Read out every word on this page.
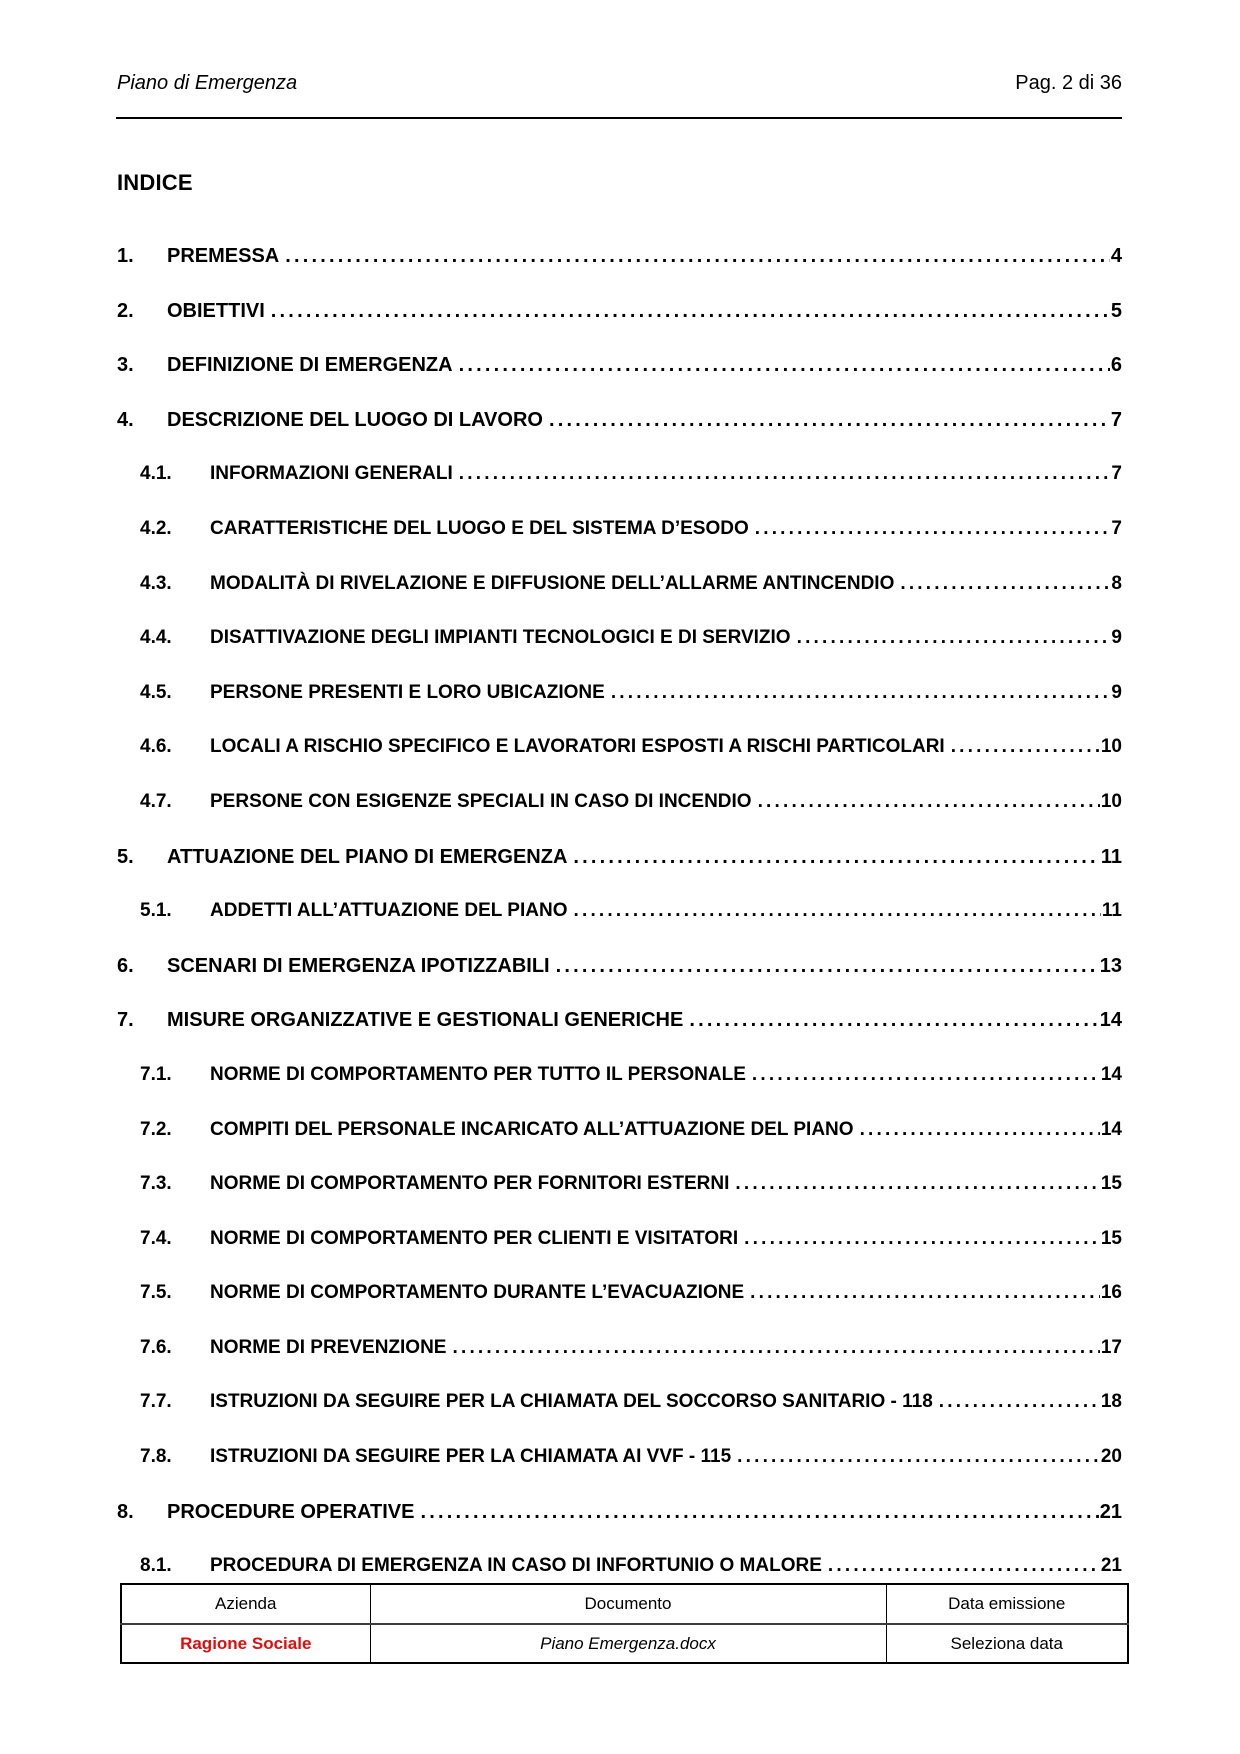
Piano di Emergenza	Pag. 2 di 36
INDICE
1.	PREMESSA .....	4
2.	OBIETTIVI .....	5
3.	DEFINIZIONE DI EMERGENZA .....	6
4.	DESCRIZIONE DEL LUOGO DI LAVORO .....	7
4.1.	INFORMAZIONI GENERALI .....	7
4.2.	CARATTERISTICHE DEL LUOGO E DEL SISTEMA D’ESODO .....	7
4.3.	MODALITÀ DI RIVELAZIONE E DIFFUSIONE DELL’ALLARME ANTINCENDIO .....	8
4.4.	DISATTIVAZIONE DEGLI IMPIANTI TECNOLOGICI E DI SERVIZIO .....	9
4.5.	PERSONE PRESENTI E LORO UBICAZIONE .....	9
4.6.	LOCALI A RISCHIO SPECIFICO E LAVORATORI ESPOSTI A RISCHI PARTICOLARI .....	10
4.7.	PERSONE CON ESIGENZE SPECIALI IN CASO DI INCENDIO .....	10
5.	ATTUAZIONE DEL PIANO DI EMERGENZA .....	11
5.1.	ADDETTI ALL’ATTUAZIONE DEL PIANO .....	11
6.	SCENARI DI EMERGENZA IPOTIZZABILI .....	13
7.	MISURE ORGANIZZATIVE E GESTIONALI GENERICHE .....	14
7.1.	NORME DI COMPORTAMENTO PER TUTTO IL PERSONALE .....	14
7.2.	COMPITI DEL PERSONALE INCARICATO ALL’ATTUAZIONE DEL PIANO .....	14
7.3.	NORME DI COMPORTAMENTO PER FORNITORI ESTERNI .....	15
7.4.	NORME DI COMPORTAMENTO PER CLIENTI E VISITATORI .....	15
7.5.	NORME DI COMPORTAMENTO DURANTE L’EVACUAZIONE .....	16
7.6.	NORME DI PREVENZIONE .....	17
7.7.	ISTRUZIONI DA SEGUIRE PER LA CHIAMATA DEL SOCCORSO SANITARIO - 118 .....	18
7.8.	ISTRUZIONI DA SEGUIRE PER LA CHIAMATA AI VVF - 115 .....	20
8.	PROCEDURE OPERATIVE .....	21
8.1.	PROCEDURA DI EMERGENZA IN CASO DI INFORTUNIO O MALORE .....	21
Azienda	Documento	Data emissione
Ragione Sociale	Piano Emergenza.docx	Seleziona data
